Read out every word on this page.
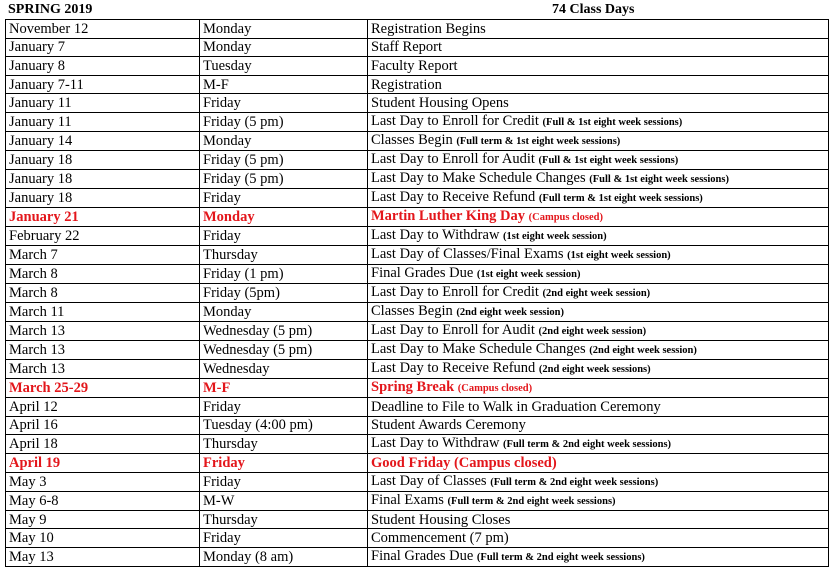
SPRING 2019	74 Class Days
November 12	Monday	Registration Begins
January 7	Monday	Staff Report
January 8	Tuesday	Faculty Report
January 7-11	M-F	Registration
January 11	Friday	Student Housing Opens
January 11	Friday (5 pm)	Last Day to Enroll for Credit (Full & 1st eight week sessions)
January 14	Monday	Classes Begin (Full term & 1st eight week sessions)
January 18	Friday (5 pm)	Last Day to Enroll for Audit (Full & 1st eight week sessions)
January 18	Friday (5 pm)	Last Day to Make Schedule Changes (Full & 1st eight week sessions)
January 18	Friday	Last Day to Receive Refund (Full term & 1st eight week sessions)
January 21	Monday	Martin Luther King Day (Campus closed)
February 22	Friday	Last Day to Withdraw (1st eight week session)
March 7	Thursday	Last Day of Classes/Final Exams (1st eight week session)
March 8	Friday (1 pm)	Final Grades Due (1st eight week session)
March 8	Friday (5pm)	Last Day to Enroll for Credit (2nd eight week session)
March 11	Monday	Classes Begin (2nd eight week session)
March 13	Wednesday (5 pm)	Last Day to Enroll for Audit (2nd eight week session)
March 13	Wednesday (5 pm)	Last Day to Make Schedule Changes (2nd eight week session)
March 13	Wednesday	Last Day to Receive Refund (2nd eight week sessions)
March 25-29	M-F	Spring Break (Campus closed)
April 12	Friday	Deadline to File to Walk in Graduation Ceremony
April 16	Tuesday (4:00 pm)	Student Awards Ceremony
April 18	Thursday	Last Day to Withdraw (Full term & 2nd eight week sessions)
April 19	Friday	Good Friday (Campus closed)
May 3	Friday	Last Day of Classes (Full term & 2nd eight week sessions)
May 6-8	M-W	Final Exams (Full term & 2nd eight week sessions)
May 9	Thursday	Student Housing Closes
May 10	Friday	Commencement (7 pm)
May 13	Monday (8 am)	Final Grades Due (Full term & 2nd eight week sessions)
